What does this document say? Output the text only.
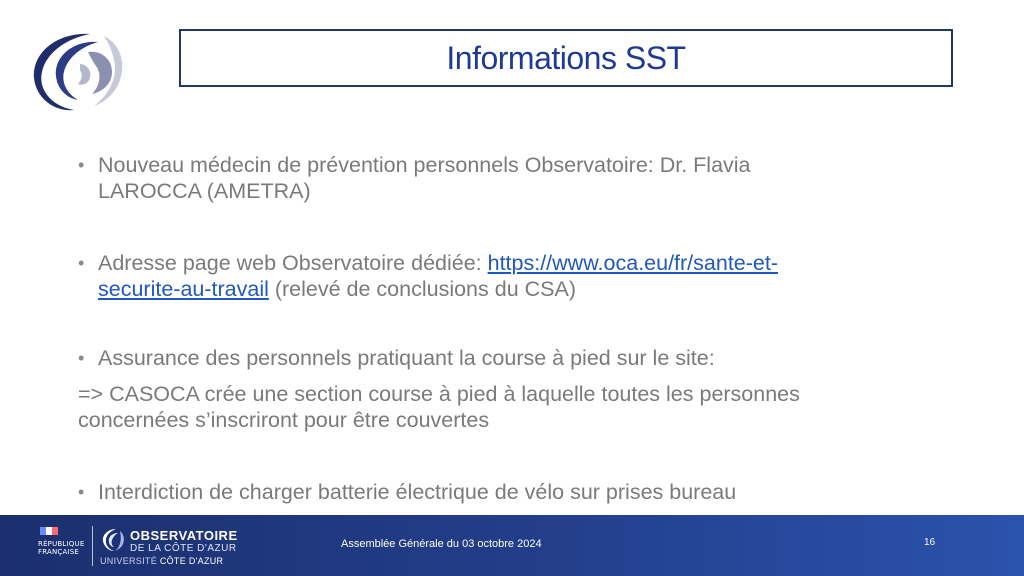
Informations SST
• Nouveau médecin de prévention personnels Observatoire: Dr. Flavia
LAROCCA (AMETRA)
• Adresse page web Observatoire dédiée: https://www.oca.eu/fr/sante-et-
securite-au-travail (relevé de conclusions du CSA)
• Assurance des personnels pratiquant la course à pied sur le site:
=> CASOCA crée une section course à pied à laquelle toutes les personnes
concernées s’inscriront pour être couvertes
• Interdiction de charger batterie électrique de vélo sur prises bureau
RÉPUBLIQUE
FRANÇAISE
OBSERVATOIRE
DE LA CÔTE D'AZUR
UNIVERSITÉ CÔTE D'AZUR
Assemblée Générale du 03 octobre 2024	16
